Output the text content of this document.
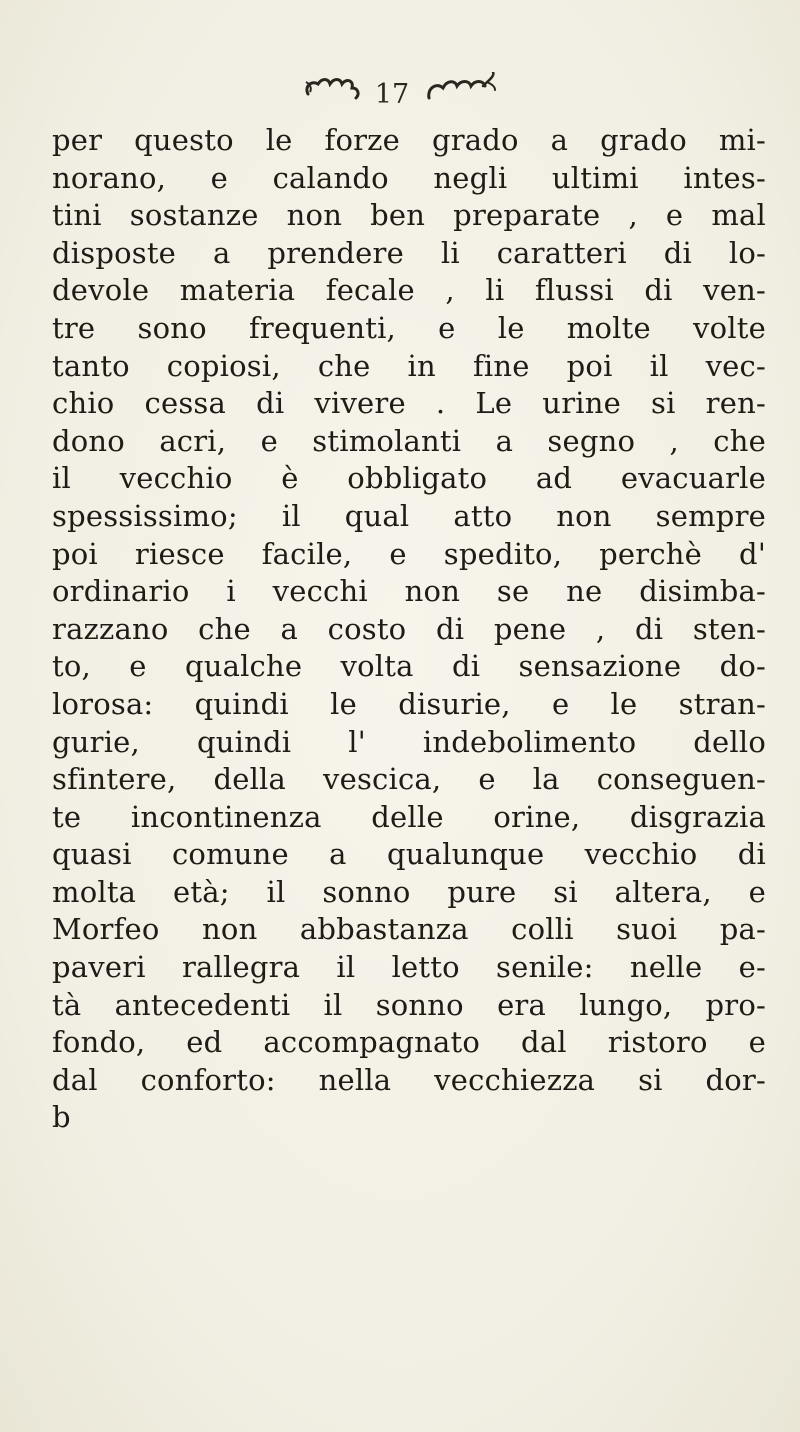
17
per questo le forze grado a grado mi-
norano, e calando negli ultimi intes-
tini sostanze non ben preparate , e mal
disposte a prendere li caratteri di lo-
devole materia fecale , li flussi di ven-
tre sono frequenti, e le molte volte
tanto copiosi, che in fine poi il vec-
chio cessa di vivere . Le urine si ren-
dono acri, e stimolanti a segno , che
il vecchio è obbligato ad evacuarle
spessissimo; il qual atto non sempre
poi riesce facile, e spedito, perchè d'
ordinario i vecchi non se ne disimba-
razzano che a costo di pene , di sten-
to, e qualche volta di sensazione do-
lorosa: quindi le disurie, e le stran-
gurie, quindi l' indebolimento dello
sfintere, della vescica, e la conseguen-
te incontinenza delle orine, disgrazia
quasi comune a qualunque vecchio di
molta età; il sonno pure si altera, e
Morfeo non abbastanza colli suoi pa-
paveri rallegra il letto senile: nelle e-
tà antecedenti il sonno era lungo, pro-
fondo, ed accompagnato dal ristoro e
dal conforto: nella vecchiezza si dor-
b
